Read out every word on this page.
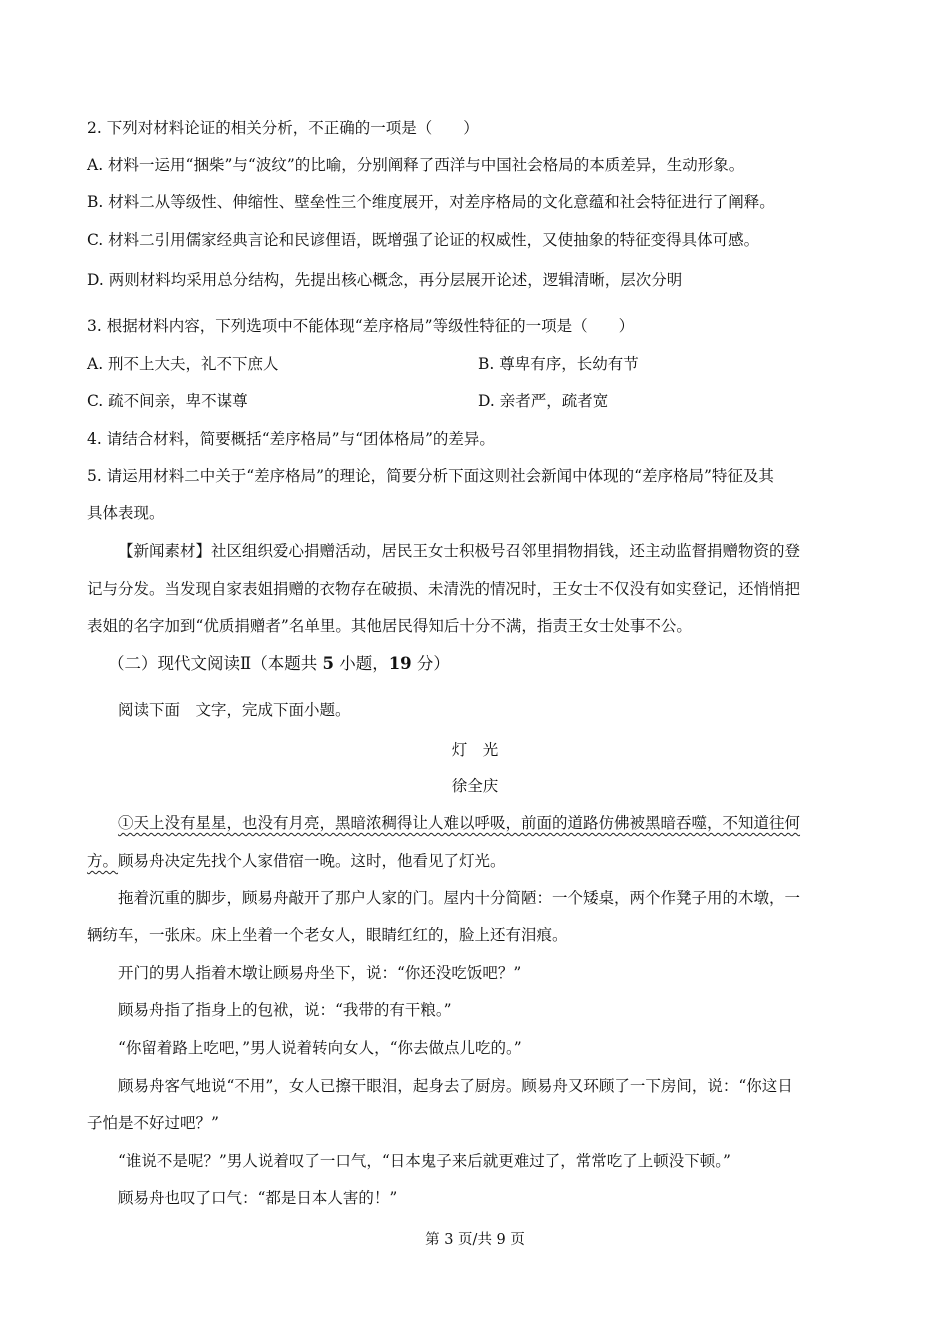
2. 下列对材料论证的相关分析，不正确的一项是（　　）
A. 材料一运用“捆柴”与“波纹”的比喻，分别阐释了西洋与中国社会格局的本质差异，生动形象。
B. 材料二从等级性、伸缩性、壁垒性三个维度展开，对差序格局的文化意蕴和社会特征进行了阐释。
C. 材料二引用儒家经典言论和民谚俚语，既增强了论证的权威性，又使抽象的特征变得具体可感。
D. 两则材料均采用总分结构，先提出核心概念，再分层展开论述，逻辑清晰，层次分明
3. 根据材料内容，下列选项中不能体现“差序格局”等级性特征的一项是（　　）
A. 刑不上大夫，礼不下庶人	B. 尊卑有序，长幼有节
C. 疏不间亲，卑不谋尊	D. 亲者严，疏者宽
4. 请结合材料，简要概括“差序格局”与“团体格局”的差异。
5. 请运用材料二中关于“差序格局”的理论，简要分析下面这则社会新闻中体现的“差序格局”特征及其
具体表现。
【新闻素材】社区组织爱心捐赠活动，居民王女士积极号召邻里捐物捐钱，还主动监督捐赠物资的登
记与分发。当发现自家表姐捐赠的衣物存在破损、未清洗的情况时，王女士不仅没有如实登记，还悄悄把
表姐的名字加到“优质捐赠者”名单里。其他居民得知后十分不满，指责王女士处事不公。
（二）现代文阅读Ⅱ（本题共 5 小题，19 分）
阅读下面　文字，完成下面小题。
灯　光
徐全庆
①天上没有星星，也没有月亮，黑暗浓稠得让人难以呼吸，前面的道路仿佛被黑暗吞噬，不知道往何
方。顾易舟决定先找个人家借宿一晚。这时，他看见了灯光。
拖着沉重的脚步，顾易舟敲开了那户人家的门。屋内十分简陋：一个矮桌，两个作凳子用的木墩，一
辆纺车，一张床。床上坐着一个老女人，眼睛红红的，脸上还有泪痕。
开门的男人指着木墩让顾易舟坐下，说：“你还没吃饭吧？”
顾易舟指了指身上的包袱，说：“我带的有干粮。”
“你留着路上吃吧，”男人说着转向女人，“你去做点儿吃的。”
顾易舟客气地说“不用”，女人已擦干眼泪，起身去了厨房。顾易舟又环顾了一下房间，说：“你这日
子怕是不好过吧？”
“谁说不是呢？”男人说着叹了一口气，“日本鬼子来后就更难过了，常常吃了上顿没下顿。”
顾易舟也叹了口气：“都是日本人害的！”
第 3 页/共 9 页
